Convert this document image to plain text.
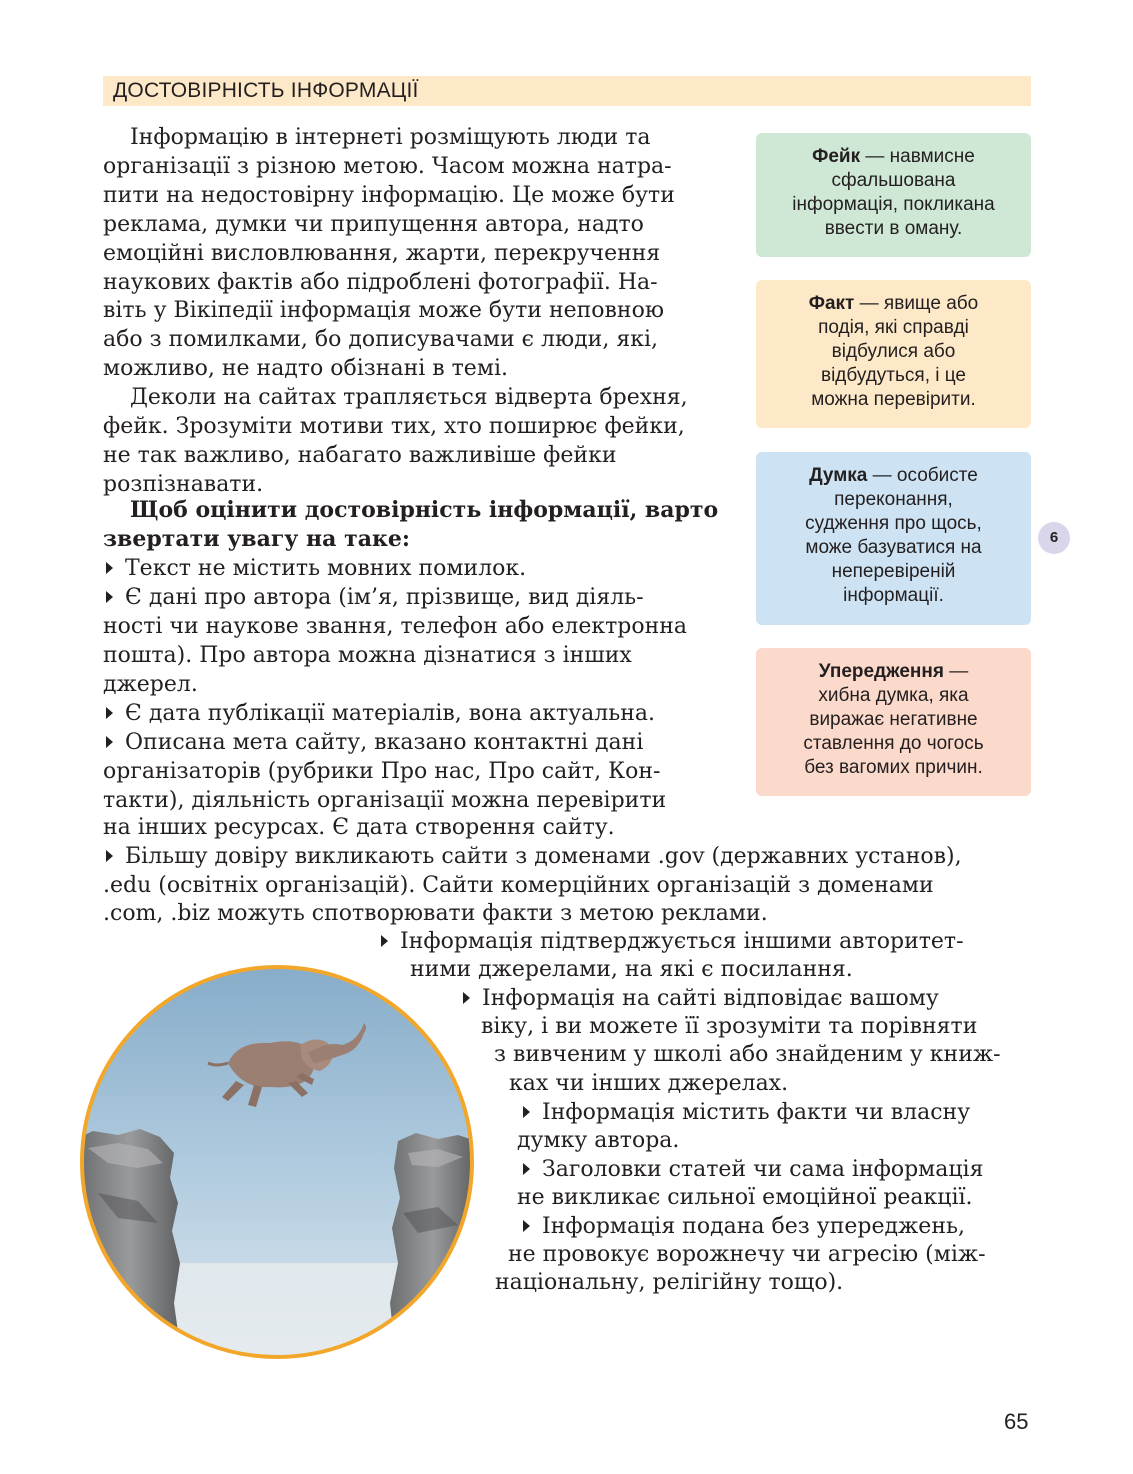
ДОСТОВІРНІСТЬ ІНФОРМАЦІЇ
Інформацію в інтернеті розміщують люди та
організації з різною метою. Часом можна натра-
пити на недостовірну інформацію. Це може бути
реклама, думки чи припущення автора, надто
емоційні висловлювання, жарти, перекручення
наукових фактів або підроблені фотографії. На-
віть у Вікіпедії інформація може бути неповною
або з помилками, бо дописувачами є люди, які,
можливо, не надто обізнані в темі.
Деколи на сайтах трапляється відверта брехня,
фейк. Зрозуміти мотиви тих, хто поширює фейки,
не так важливо, набагато важливіше фейки
розпізнавати.
Щоб оцінити достовірність інформації, варто
звертати увагу на таке:
Текст не містить мовних помилок.
Є дані про автора (ім’я, прізвище, вид діяль-
ності чи наукове звання, телефон або електронна
пошта). Про автора можна дізнатися з інших
джерел.
Є дата публікації матеріалів, вона актуальна.
Описана мета сайту, вказано контактні дані
організаторів (рубрики Про нас, Про сайт, Кон-
такти), діяльність організації можна перевірити
на інших ресурсах. Є дата створення сайту.
Більшу довіру викликають сайти з доменами .gov (державних установ),
.edu (освітніх організацій). Сайти комерційних організацій з доменами
.com, .biz можуть спотворювати факти з метою реклами.
Інформація підтверджується іншими авторитет-
ними джерелами, на які є посилання.
Інформація на сайті відповідає вашому
віку, і ви можете її зрозуміти та порівняти
з вивченим у школі або знайденим у книж-
ках чи інших джерелах.
Інформація містить факти чи власну
думку автора.
Заголовки статей чи сама інформація
не викликає сильної емоційної реакції.
Інформація подана без упереджень,
не провокує ворожнечу чи агресію (між-
національну, релігійну тощо).
Фейк — навмисне
сфальшована
інформація, покликана
ввести в оману.
Факт — явище або
подія, які справді
відбулися або
відбудуться, і це
можна перевірити.
Думка — особисте
переконання,
судження про щось,
може базуватися на
неперевіреній
інформації.
Упередження —
хибна думка, яка
виражає негативне
ставлення до чогось
без вагомих причин.
6
65
